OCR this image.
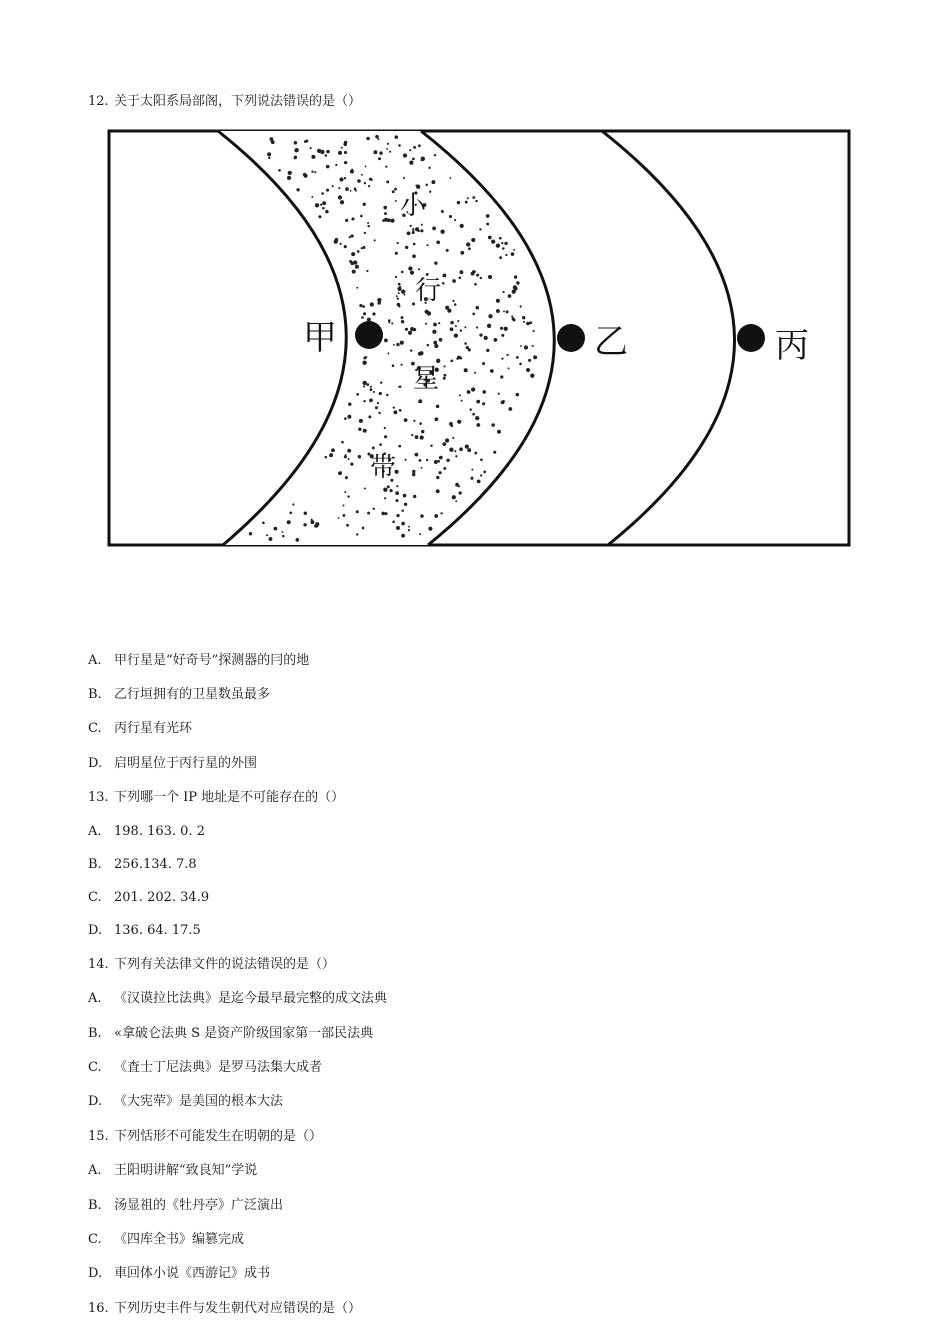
12. 关于太阳系局部阁，下列说法错误的是（）
甲	乙	丙
小
行
星
带
A. 甲行星是“好奇号”探测器的冃的地
B. 乙行垣拥有的卫星数虽最多
C. 丙行星有光环
D. 启明星位于丙行星的外围
13. 下列哪一个 IP 地址是不可能存在的（）
A. 198. 163. 0. 2
B. 256.134. 7.8
C. 201. 202. 34.9
D. 136. 64. 17.5
14. 下列有关法律文件的说法错误的是（）
A. 《汉谟拉比法典》是迄今最早最完整的成文法典
B. «拿破仑法典 S 是资产阶级国家第一部民法典
C. 《査士丁尼法典》是罗马法集大成者
D. 《大宪荦》是美国的根本大法
15. 下列恬形不可能发生在明朝的是（）
A. 王阳明讲解“致良知”学说
B. 汤显祖的《牡丹亭》广泛演出
C. 《四库全书》编篡完成
D. 車回体小说《西游记》成书
16. 下列历史丰件与发生朝代对应错误的是（）
